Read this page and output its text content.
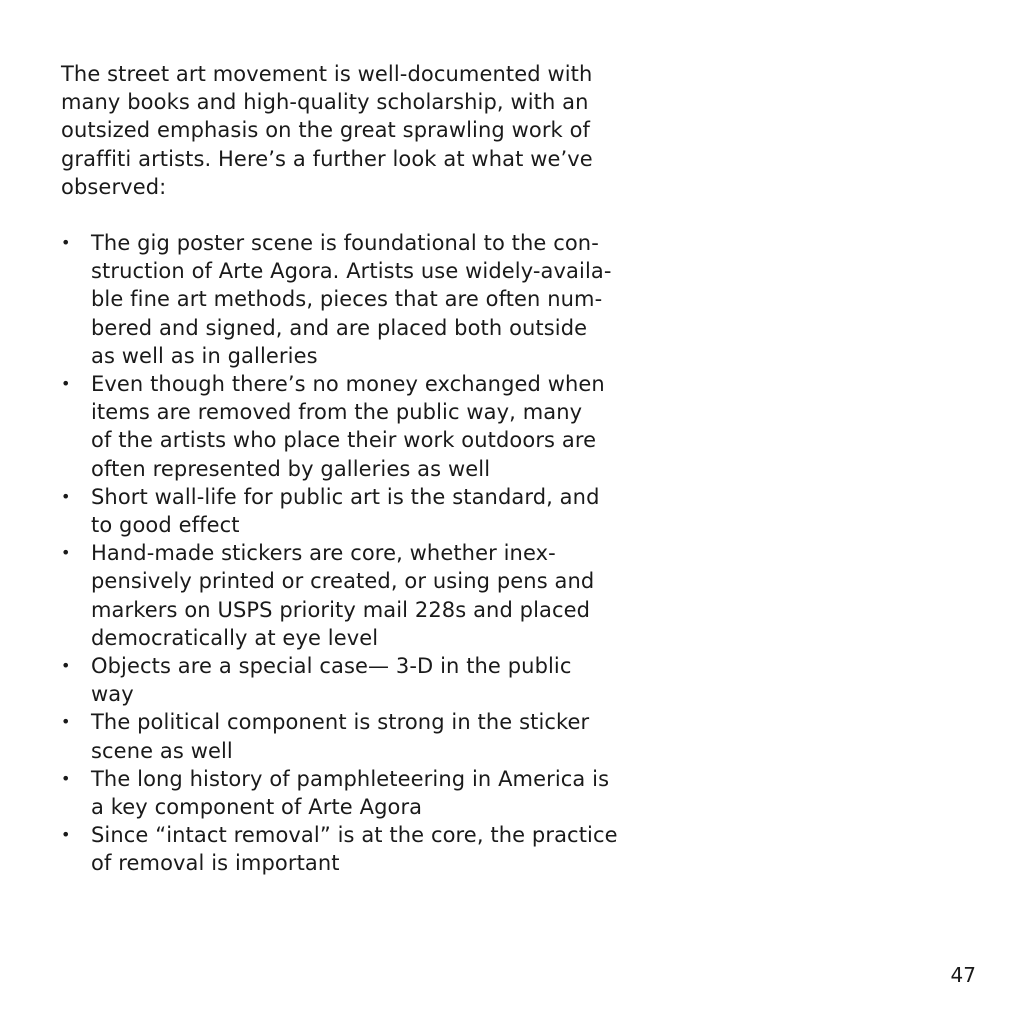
The street art movement is well-documented with
many books and high-quality scholarship, with an
outsized emphasis on the great sprawling work of
graffiti artists. Here’s a further look at what we’ve
observed:

• The gig poster scene is foundational to the con-
struction of Arte Agora. Artists use widely-availa-
ble fine art methods, pieces that are often num-
bered and signed, and are placed both outside
as well as in galleries
• Even though there’s no money exchanged when
items are removed from the public way, many
of the artists who place their work outdoors are
often represented by galleries as well
• Short wall-life for public art is the standard, and
to good effect
• Hand-made stickers are core, whether inex-
pensively printed or created, or using pens and
markers on USPS priority mail 228s and placed
democratically at eye level
• Objects are a special case— 3-D in the public
way
• The political component is strong in the sticker
scene as well
• The long history of pamphleteering in America is
a key component of Arte Agora
• Since “intact removal” is at the core, the practice
of removal is important
47
